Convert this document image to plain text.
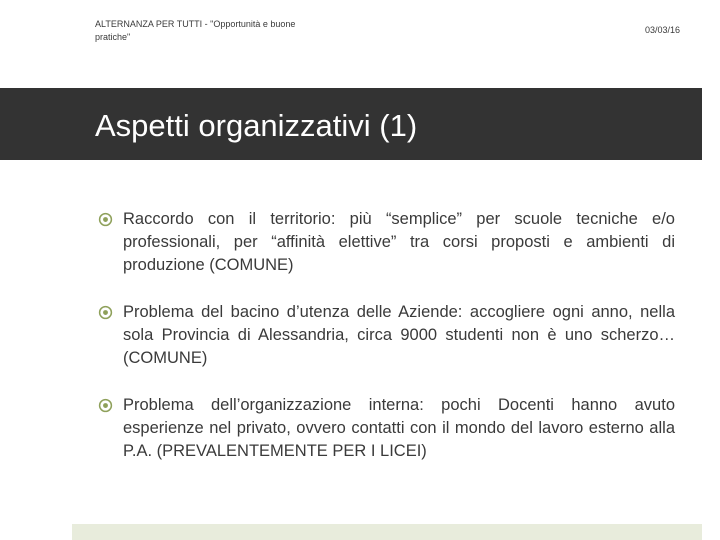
ALTERNANZA PER TUTTI - "Opportunità e buone pratiche"
03/03/16
Aspetti organizzativi (1)
Raccordo con il territorio: più “semplice” per scuole tecniche e/o professionali, per “affinità elettive” tra corsi proposti e ambienti di produzione (COMUNE)
Problema del bacino d’utenza delle Aziende: accogliere ogni anno, nella sola Provincia di Alessandria, circa 9000 studenti non è uno scherzo… (COMUNE)
Problema dell’organizzazione interna: pochi Docenti hanno avuto esperienze nel privato, ovvero contatti con il mondo del lavoro esterno alla P.A. (PREVALENTEMENTE PER I LICEI)
